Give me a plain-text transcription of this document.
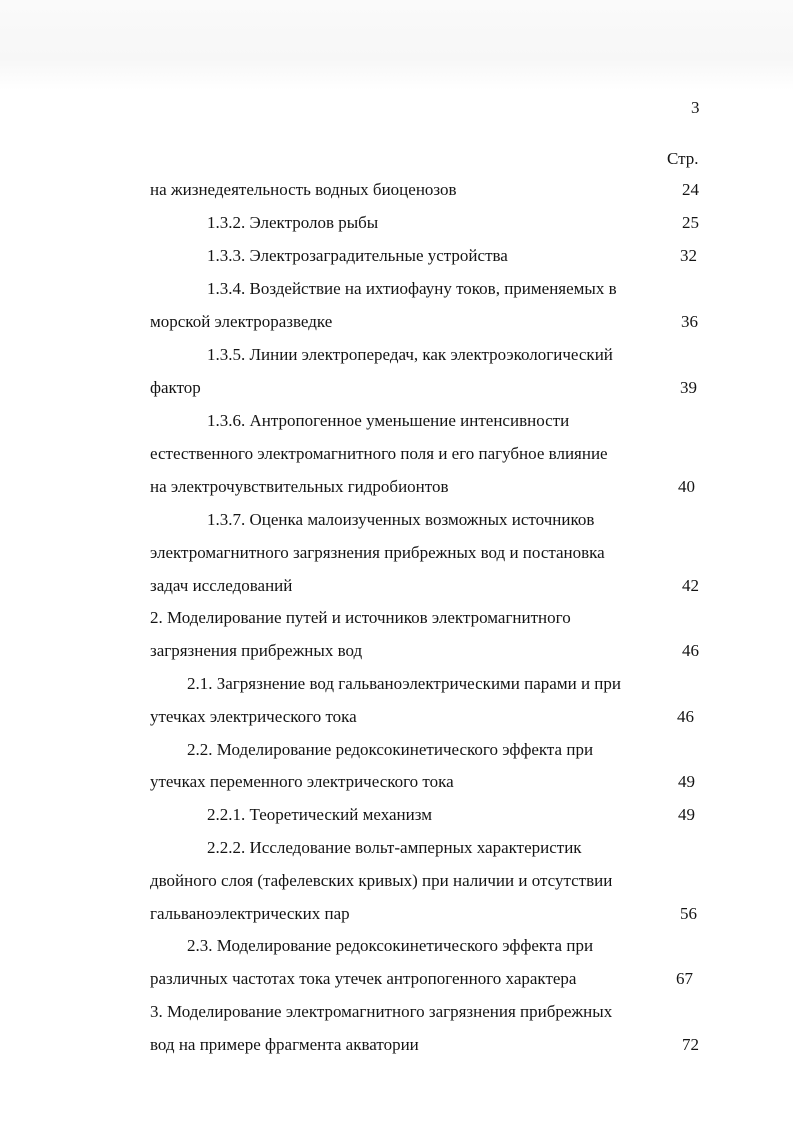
3
Стр.
на жизнедеятельность водных биоценозов	24
1.3.2. Электролов рыбы	25
1.3.3. Электрозаградительные устройства	32
1.3.4. Воздействие на ихтиофауну токов, применяемых в
морской электроразведке	36
1.3.5. Линии электропередач, как электроэкологический
фактор	39
1.3.6. Антропогенное уменьшение интенсивности
естественного электромагнитного поля и его пагубное влияние
на электрочувствительных гидробионтов	40
1.3.7. Оценка малоизученных возможных источников
электромагнитного загрязнения прибрежных вод и постановка
задач исследований	42
2. Моделирование путей и источников электромагнитного
загрязнения прибрежных вод	46
2.1. Загрязнение вод гальваноэлектрическими парами и при
утечках электрического тока	46
2.2. Моделирование редоксокинетического эффекта при
утечках переменного электрического тока	49
2.2.1. Теоретический механизм	49
2.2.2. Исследование вольт-амперных характеристик
двойного слоя (тафелевских кривых) при наличии и отсутствии
гальваноэлектрических пар	56
2.3. Моделирование редоксокинетического эффекта при
различных частотах тока утечек антропогенного характера	67
3. Моделирование электромагнитного загрязнения прибрежных
вод на примере фрагмента акватории	72
